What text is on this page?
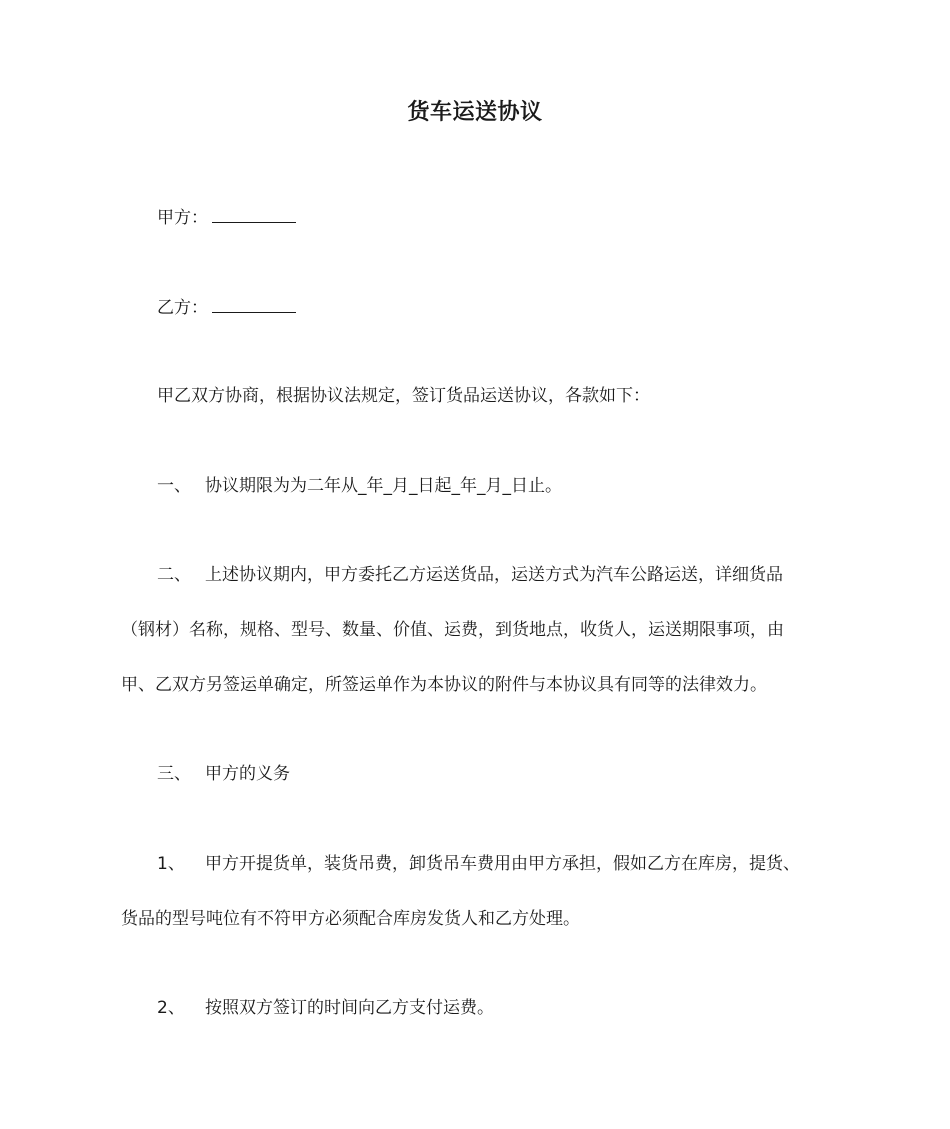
货车运送协议
甲方：
乙方：
甲乙双方协商，根据协议法规定，签订货品运送协议，各款如下：
一、 协议期限为为二年从_年_月_日起_年_月_日止。
二、 上述协议期内，甲方委托乙方运送货品，运送方式为汽车公路运送，详细货品
（钢材）名称，规格、型号、数量、价值、运费，到货地点，收货人，运送期限事项，由
甲、乙双方另签运单确定，所签运单作为本协议的附件与本协议具有同等的法律效力。
三、 甲方的义务
1、 甲方开提货单，装货吊费，卸货吊车费用由甲方承担，假如乙方在库房，提货、
货品的型号吨位有不符甲方必须配合库房发货人和乙方处理。
2、 按照双方签订的时间向乙方支付运费。
